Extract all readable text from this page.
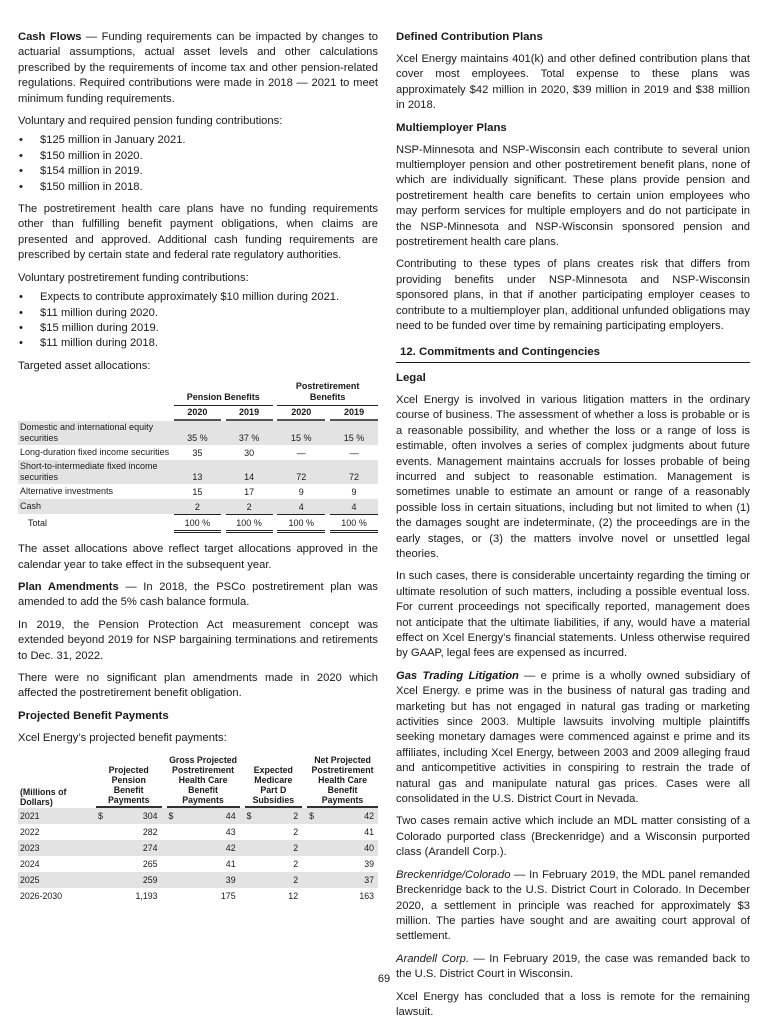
Cash Flows — Funding requirements can be impacted by changes to actuarial assumptions, actual asset levels and other calculations prescribed by the requirements of income tax and other pension-related regulations. Required contributions were made in 2018 — 2021 to meet minimum funding requirements.

Voluntary and required pension funding contributions:

• $125 million in January 2021.
• $150 million in 2020.
• $154 million in 2019.
• $150 million in 2018.

The postretirement health care plans have no funding requirements other than fulfilling benefit payment obligations, when claims are presented and approved. Additional cash funding requirements are prescribed by certain state and federal rate regulatory authorities.

Voluntary postretirement funding contributions:

• Expects to contribute approximately $10 million during 2021.
• $11 million during 2020.
• $15 million during 2019.
• $11 million during 2018.

Targeted asset allocations:

		Pension Benefits				Postretirement Benefits		
		2020		2019		2020		2019
Domestic and international equity securities		35 %		37 %		15 %		15 %
Long-duration fixed income securities		35		30		—		—
Short-to-intermediate fixed income securities		13		14		72		72
Alternative investments		15		17		9		9
Cash		2		2		4		4
Total		100 %		100 %		100 %		100 %

The asset allocations above reflect target allocations approved in the calendar year to take effect in the subsequent year.

Plan Amendments — In 2018, the PSCo postretirement plan was amended to add the 5% cash balance formula.

In 2019, the Pension Protection Act measurement concept was extended beyond 2019 for NSP bargaining terminations and retirements to Dec. 31, 2022.

There were no significant plan amendments made in 2020 which affected the postretirement benefit obligation.

Projected Benefit Payments

Xcel Energy’s projected benefit payments:

(Millions of Dollars)		Projected Pension Benefit Payments			Gross Projected Postretirement Health Care Benefit Payments			Expected Medicare Part D Subsidies			Net Projected Postretirement Health Care Benefit Payments	
2021		$	304		$	44		$	2		$	42
2022			282			43			2			41
2023			274			42			2			40
2024			265			41			2			39
2025			259			39			2			37
2026-2030			1,193			175			12			163
Defined Contribution Plans

Xcel Energy maintains 401(k) and other defined contribution plans that cover most employees. Total expense to these plans was approximately $42 million in 2020, $39 million in 2019 and $38 million in 2018.

Multiemployer Plans

NSP-Minnesota and NSP-Wisconsin each contribute to several union multiemployer pension and other postretirement benefit plans, none of which are individually significant. These plans provide pension and postretirement health care benefits to certain union employees who may perform services for multiple employers and do not participate in the NSP-Minnesota and NSP-Wisconsin sponsored pension and postretirement health care plans.

Contributing to these types of plans creates risk that differs from providing benefits under NSP-Minnesota and NSP-Wisconsin sponsored plans, in that if another participating employer ceases to contribute to a multiemployer plan, additional unfunded obligations may need to be funded over time by remaining participating employers.

12. Commitments and Contingencies
Legal

Xcel Energy is involved in various litigation matters in the ordinary course of business. The assessment of whether a loss is probable or is a reasonable possibility, and whether the loss or a range of loss is estimable, often involves a series of complex judgments about future events. Management maintains accruals for losses probable of being incurred and subject to reasonable estimation. Management is sometimes unable to estimate an amount or range of a reasonably possible loss in certain situations, including but not limited to when (1) the damages sought are indeterminate, (2) the proceedings are in the early stages, or (3) the matters involve novel or unsettled legal theories.

In such cases, there is considerable uncertainty regarding the timing or ultimate resolution of such matters, including a possible eventual loss. For current proceedings not specifically reported, management does not anticipate that the ultimate liabilities, if any, would have a material effect on Xcel Energy’s financial statements. Unless otherwise required by GAAP, legal fees are expensed as incurred.

Gas Trading Litigation — e prime is a wholly owned subsidiary of Xcel Energy. e prime was in the business of natural gas trading and marketing but has not engaged in natural gas trading or marketing activities since 2003. Multiple lawsuits involving multiple plaintiffs seeking monetary damages were commenced against e prime and its affiliates, including Xcel Energy, between 2003 and 2009 alleging fraud and anticompetitive activities in conspiring to restrain the trade of natural gas and manipulate natural gas prices. Cases were all consolidated in the U.S. District Court in Nevada.

Two cases remain active which include an MDL matter consisting of a Colorado purported class (Breckenridge) and a Wisconsin purported class (Arandell Corp.).

Breckenridge/Colorado — In February 2019, the MDL panel remanded Breckenridge back to the U.S. District Court in Colorado. In December 2020, a settlement in principle was reached for approximately $3 million. The parties have sought and are awaiting court approval of settlement.

Arandell Corp. — In February 2019, the case was remanded back to the U.S. District Court in Wisconsin.

Xcel Energy has concluded that a loss is remote for the remaining lawsuit.

69
